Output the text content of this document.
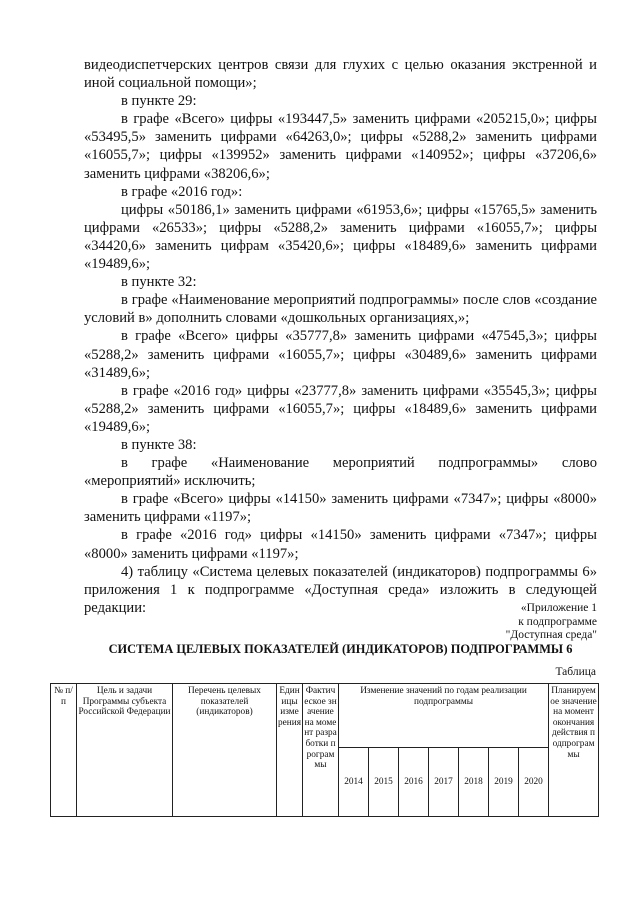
видеодиспетчерских центров связи для глухих с целью оказания экстренной и иной социальной помощи»;

в пункте 29:

в графе «Всего» цифры «193447,5» заменить цифрами «205215,0»; цифры «53495,5» заменить цифрами «64263,0»; цифры «5288,2» заменить цифрами «16055,7»; цифры «139952» заменить цифрами «140952»; цифры «37206,6» заменить цифрами «38206,6»;

в графе «2016 год»:

цифры «50186,1» заменить цифрами «61953,6»; цифры «15765,5» заменить цифрами «26533»; цифры «5288,2» заменить цифрами «16055,7»; цифры «34420,6» заменить цифрам «35420,6»; цифры «18489,6» заменить цифрами «19489,6»;

в пункте 32:

в графе «Наименование мероприятий подпрограммы» после слов «создание условий в» дополнить словами «дошкольных организациях,»;

в графе «Всего» цифры «35777,8» заменить цифрами «47545,3»; цифры «5288,2» заменить цифрами «16055,7»; цифры «30489,6» заменить цифрами «31489,6»;

в графе «2016 год» цифры «23777,8» заменить цифрами «35545,3»; цифры «5288,2» заменить цифрами «16055,7»; цифры «18489,6» заменить цифрами «19489,6»;

в пункте 38:

в графе «Наименование мероприятий подпрограммы» слово «мероприятий» исключить;

в графе «Всего» цифры «14150» заменить цифрами «7347»; цифры «8000» заменить цифрами «1197»;

в графе «2016 год» цифры «14150» заменить цифрами «7347»; цифры «8000» заменить цифрами «1197»;

4) таблицу «Система целевых показателей (индикаторов) подпрограммы 6» приложения 1 к подпрограмме «Доступная среда» изложить в следующей редакции:	«Приложение 1
к подпрограмме
"Доступная среда"
СИСТЕМА ЦЕЛЕВЫХ ПОКАЗАТЕЛЕЙ (ИНДИКАТОРОВ) ПОДПРОГРАММЫ 6
Таблица
№ п/п	Цель и задачи Программы субъекта Российской Федерации	Перечень целевых показателей (индикаторов)	Единицы измерения	Фактическое значение на момент разработки программы	Изменение значений по годам реализации подпрограммы							Планируемое значение на момент окончания действия подпрограммы
					2014	2015	2016	2017	2018	2019	2020	
